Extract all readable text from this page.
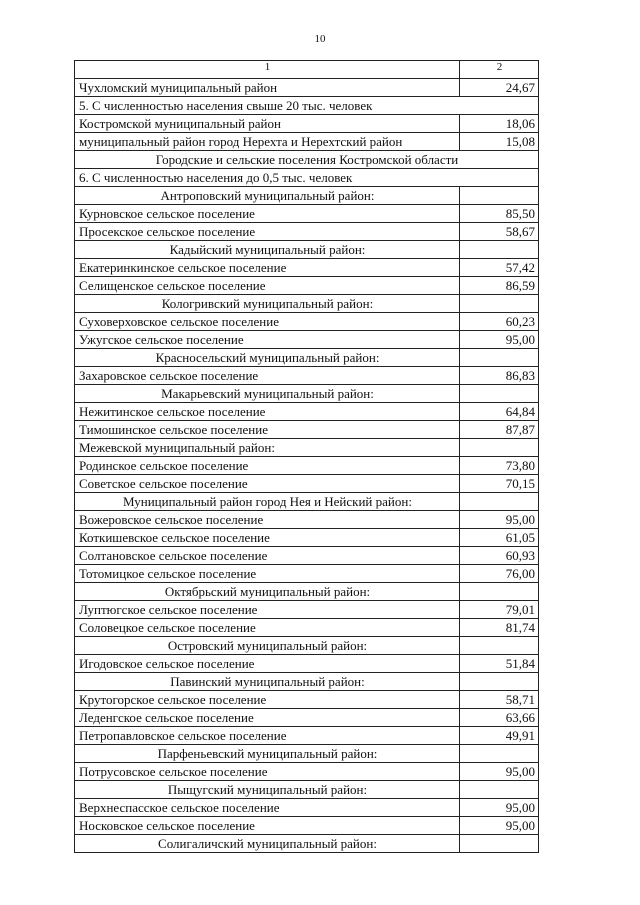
10
1	2
Чухломский муниципальный район	24,67
5. С численностью населения свыше 20 тыс. человек	
Костромской муниципальный район	18,06
муниципальный район город Нерехта и Нерехтский район	15,08
Городские и сельские поселения Костромской области	
6. С численностью населения до 0,5 тыс. человек	
Антроповский муниципальный район:	
Курновское сельское поселение	85,50
Просекское сельское поселение	58,67
Кадыйский муниципальный район:	
Екатеринкинское сельское поселение	57,42
Селищенское сельское поселение	86,59
Кологривский муниципальный район:	
Суховерховское сельское поселение	60,23
Ужугское сельское поселение	95,00
Красносельский муниципальный район:	
Захаровское сельское поселение	86,83
Макарьевский муниципальный район:	
Нежитинское сельское поселение	64,84
Тимошинское сельское поселение	87,87
Межевской муниципальный район:	
Родинское сельское поселение	73,80
Советское сельское поселение	70,15
Муниципальный район город Нея и Нейский район:	
Вожеровское сельское поселение	95,00
Коткишевское сельское поселение	61,05
Солтановское сельское поселение	60,93
Тотомицкое сельское поселение	76,00
Октябрьский муниципальный район:	
Луптюгское сельское поселение	79,01
Соловецкое сельское поселение	81,74
Островский муниципальный район:	
Игодовское сельское поселение	51,84
Павинский муниципальный район:	
Крутогорское сельское поселение	58,71
Леденгское сельское поселение	63,66
Петропавловское сельское поселение	49,91
Парфеньевский муниципальный район:	
Потрусовское сельское поселение	95,00
Пыщугский муниципальный район:	
Верхнеспасское сельское поселение	95,00
Носковское сельское поселение	95,00
Солигаличский муниципальный район:	
